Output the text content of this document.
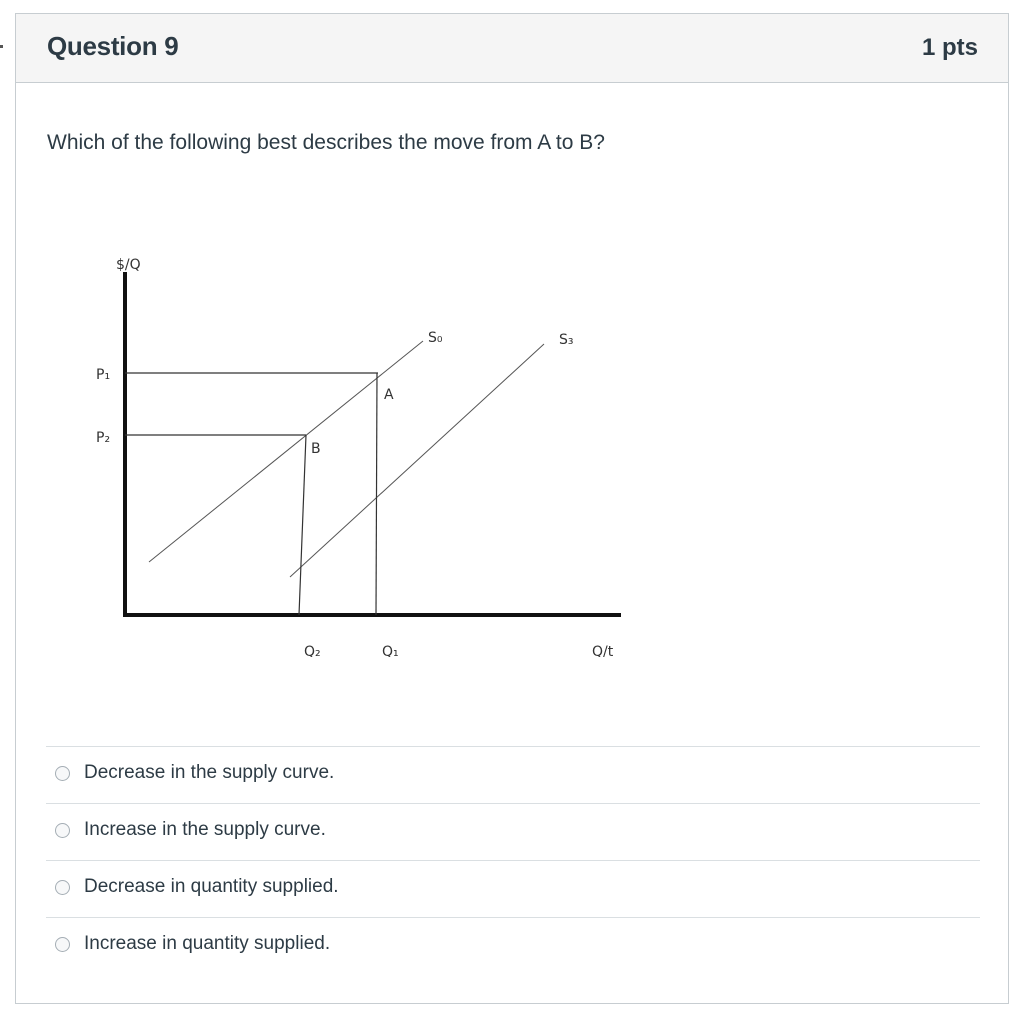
Question 9	1 pts
Which of the following best describes the move from A to B?
$/Q
P₁
P₂
Q₂	Q₁	Q/t
S₀	S₃
A
B
Decrease in the supply curve.
Increase in the supply curve.
Decrease in quantity supplied.
Increase in quantity supplied.
